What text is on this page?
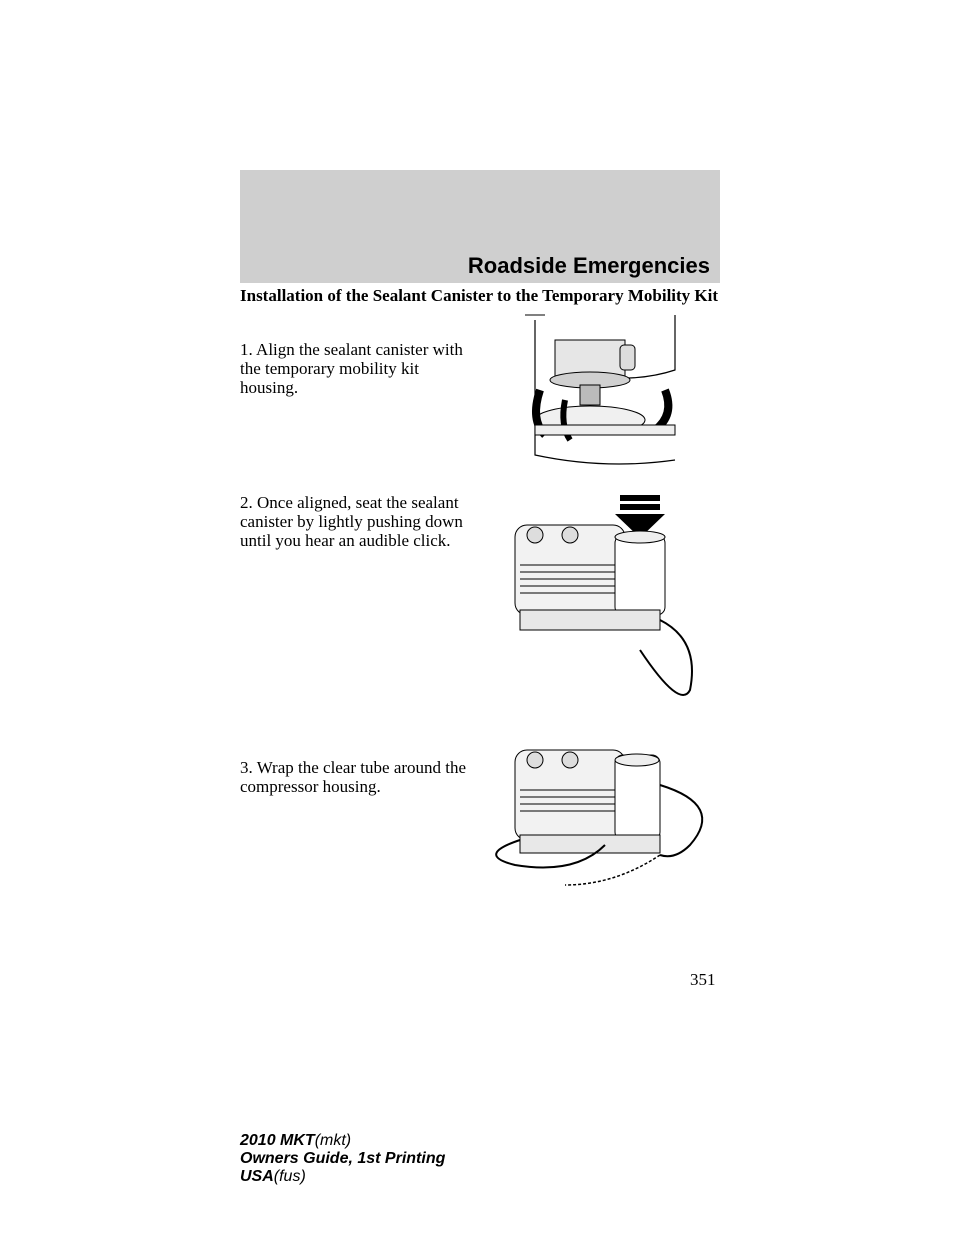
Roadside Emergencies
Installation of the Sealant Canister to the Temporary Mobility Kit
1. Align the sealant canister with the temporary mobility kit housing.
2. Once aligned, seat the sealant canister by lightly pushing down until you hear an audible click.
3. Wrap the clear tube around the compressor housing.
351
2010 MKT(mkt)
Owners Guide, 1st Printing
USA(fus)
